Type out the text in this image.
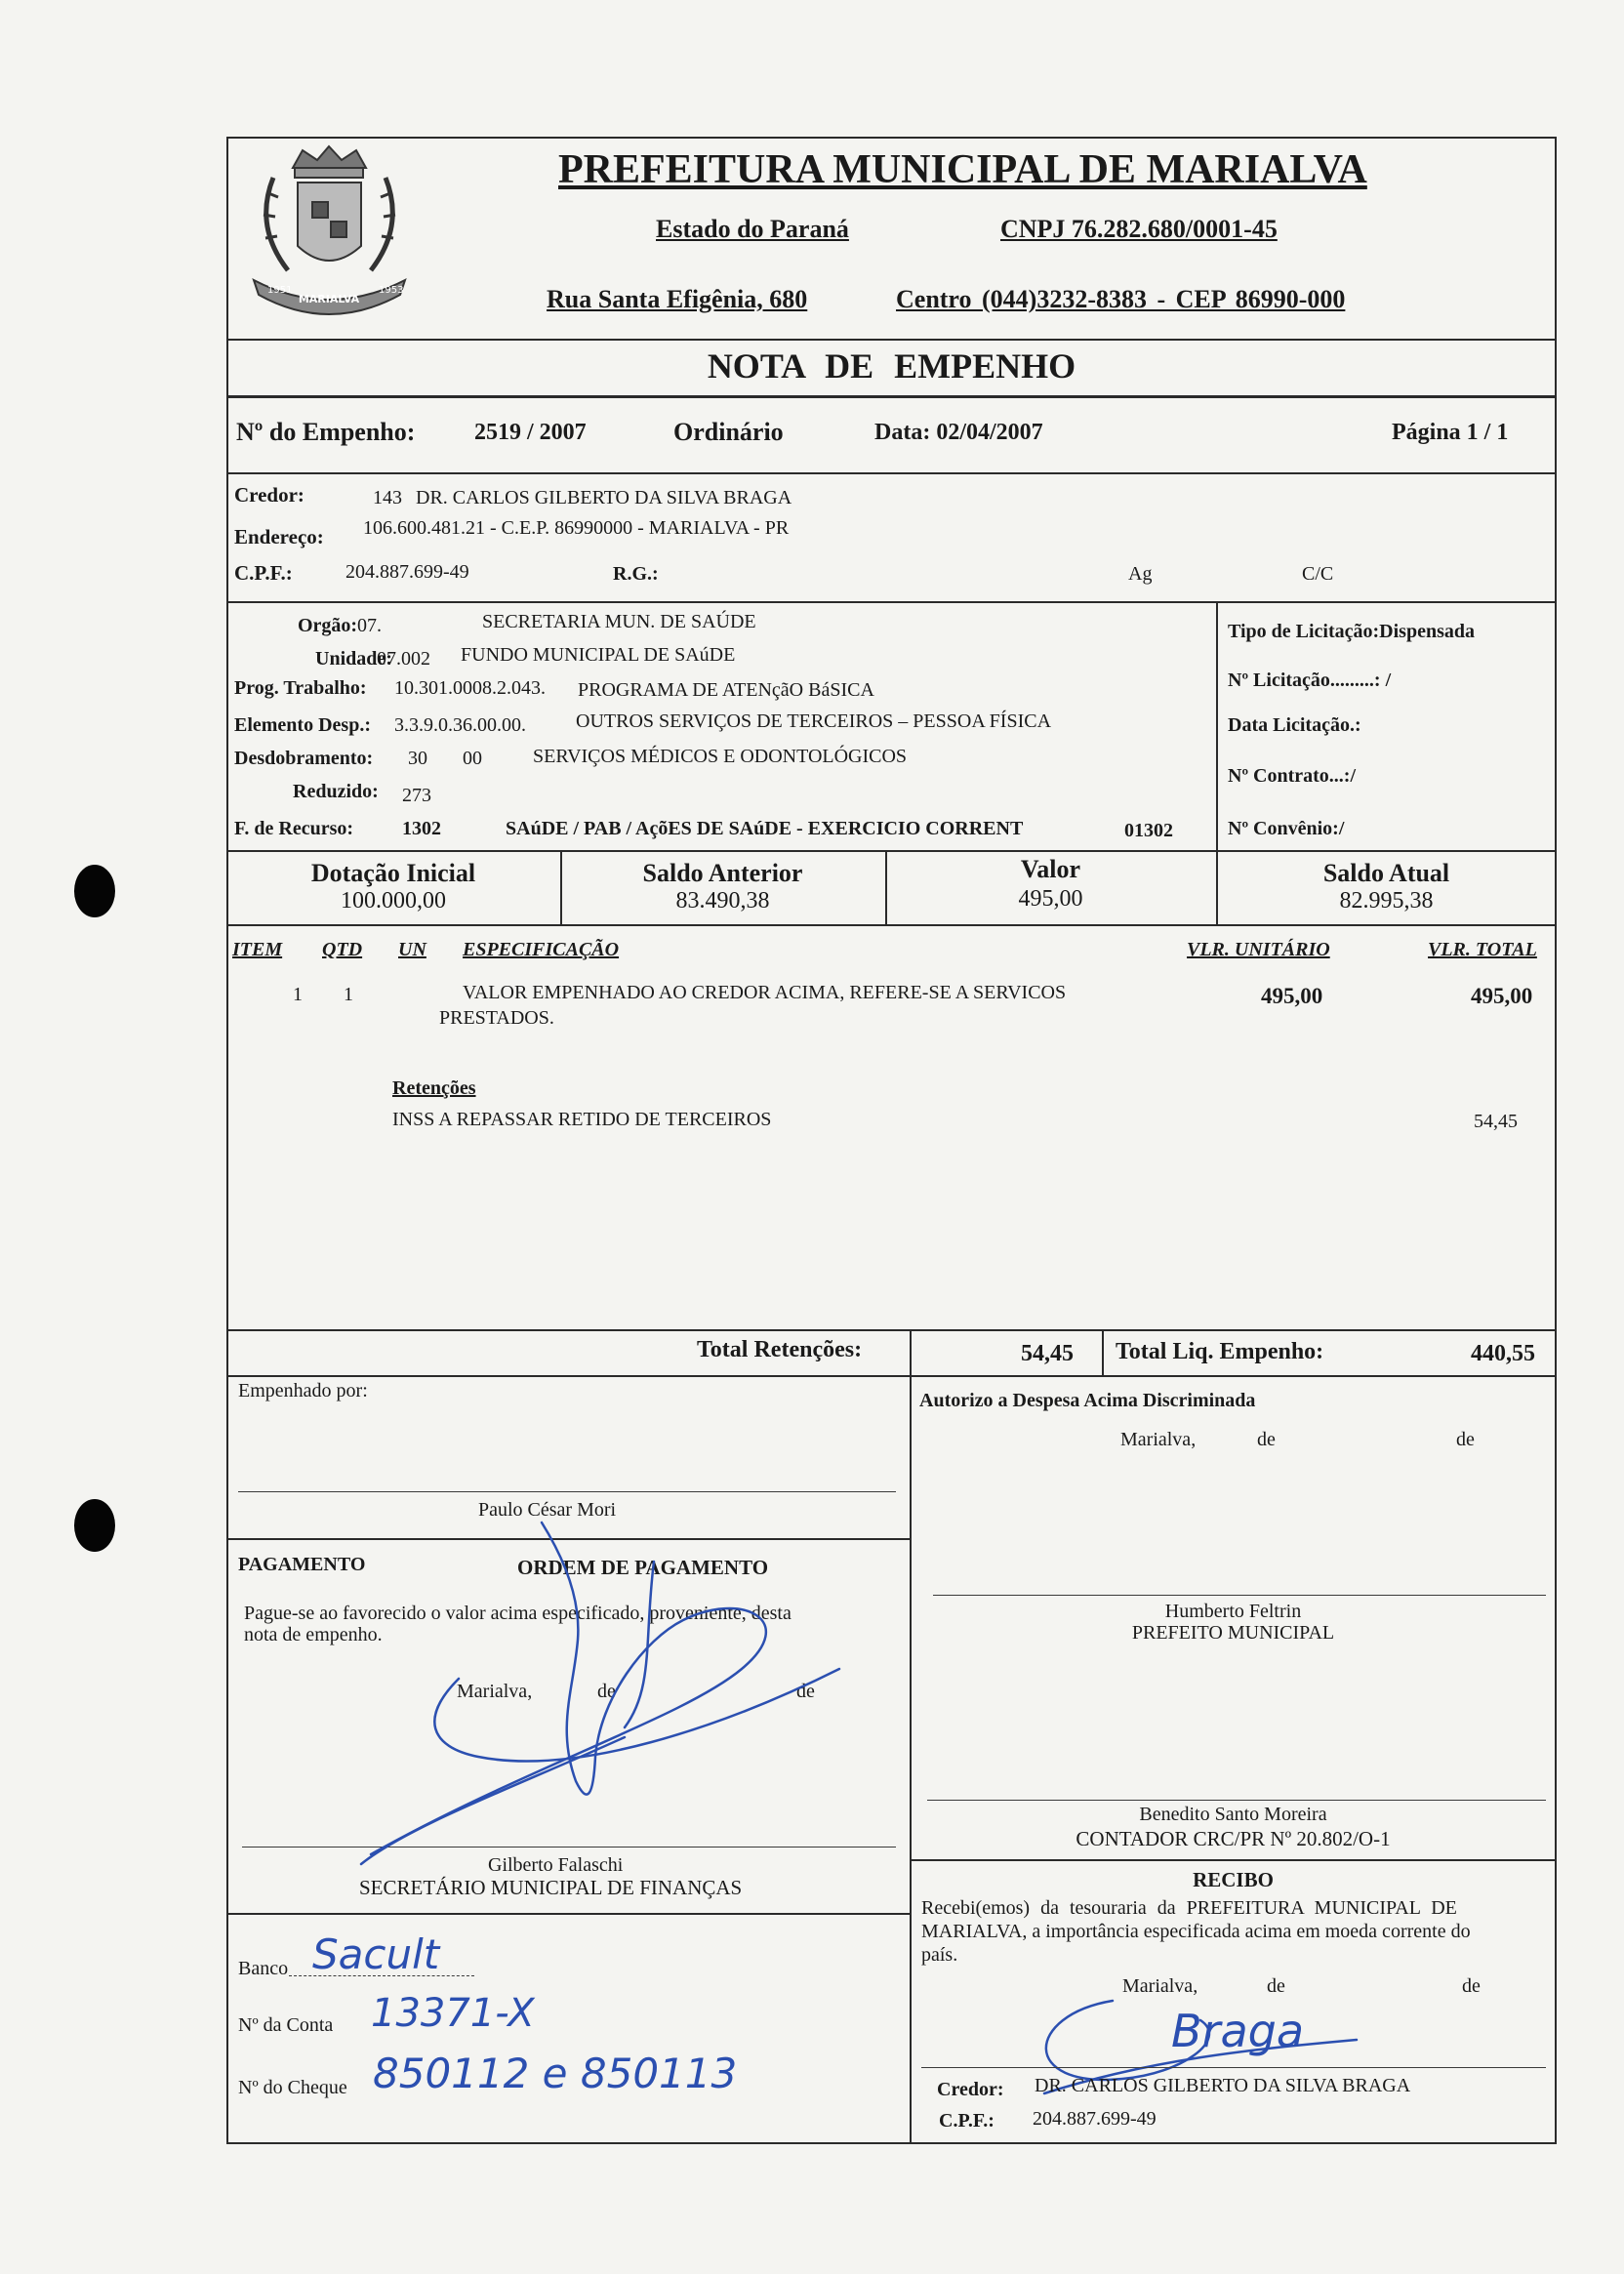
MARIALVA
1951	1953
PREFEITURA MUNICIPAL DE MARIALVA
Estado do Paraná	CNPJ 76.282.680/0001-45
Rua Santa Efigênia, 680	Centro (044)3232-8383 - CEP 86990-000
NOTA DE EMPENHO
Nº do Empenho:	2519 / 2007	Ordinário	Data: 02/04/2007	Página 1 / 1
Credor:	143 DR. CARLOS GILBERTO DA SILVA BRAGA
Endereço: 106.600.481.21 - C.E.P. 86990000 - MARIALVA - PR
C.P.F.:	204.887.699-49	R.G.:	Ag	C/C
Orgão: 07.	SECRETARIA MUN. DE SAÚDE
Unidade:
07.002 FUNDO MUNICIPAL DE SAúDE
Prog. Trabalho: 10.301.0008.2.043. PROGRAMA DE ATENçãO BáSICA
Elemento Desp.: 3.3.9.0.36.00.00.	OUTROS SERVIÇOS DE TERCEIROS – PESSOA FÍSICA
Desdobramento: 30 00	SERVIÇOS MÉDICOS E ODONTOLÓGICOS
Reduzido: 273
F. de Recurso: 1302	SAúDE / PAB / AçõES DE SAúDE - EXERCICIO CORRENT	01302
Tipo de Licitação:Dispensada
Nº Licitação.........: /
Data Licitação.:
Nº Contrato...:/
Nº Convênio:/
Dotação Inicial
100.000,00
Saldo Anterior
83.490,38
Valor
495,00
Saldo Atual
82.995,38
ITEM QTD UN ESPECIFICAÇÃO	VLR. UNITÁRIO	VLR. TOTAL
1 1	VALOR EMPENHADO AO CREDOR ACIMA, REFERE-SE A SERVICOS
PRESTADOS.
495,00	495,00
Retenções
INSS A REPASSAR RETIDO DE TERCEIROS	54,45
Total Retenções:	54,45 Total Liq. Empenho:	440,55
Empenhado por:
Paulo César Mori
Autorizo a Despesa Acima Discriminada
Marialva,	de	de
Humberto Feltrin
PREFEITO MUNICIPAL
Benedito Santo Moreira
CONTADOR CRC/PR Nº 20.802/O-1
PAGAMENTO	ORDEM DE PAGAMENTO
Pague-se ao favorecido o valor acima especificado, proveniente, desta
nota de empenho.
Marialva,	de	de
Gilberto Falaschi
SECRETÁRIO MUNICIPAL DE FINANÇAS
Banco Sacult
Nº da Conta 13371-X
Nº do Cheque 850112 e 850113
RECIBO
Recebi(emos) da tesouraria da PREFEITURA MUNICIPAL DE
MARIALVA, a importância especificada acima em moeda corrente do
país.
Marialva,	de	de
Braga
Credor: DR. CARLOS GILBERTO DA SILVA BRAGA
C.P.F.: 204.887.699-49
